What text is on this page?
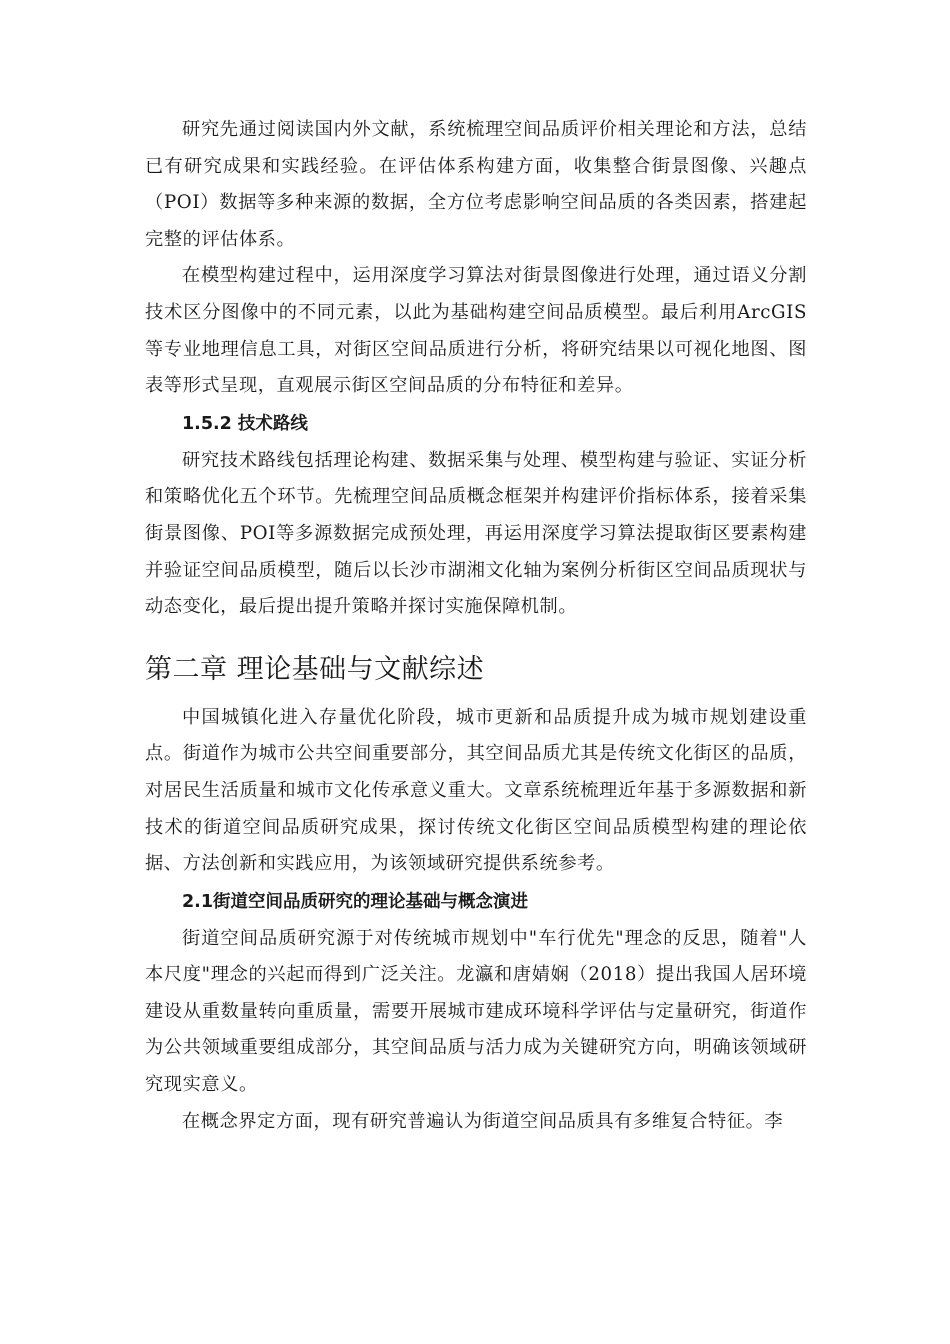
研究先通过阅读国内外文献，系统梳理空间品质评价相关理论和方法，总结已有研究成果和实践经验。在评估体系构建方面，收集整合街景图像、兴趣点（POI）数据等多种来源的数据，全方位考虑影响空间品质的各类因素，搭建起完整的评估体系。

在模型构建过程中，运用深度学习算法对街景图像进行处理，通过语义分割技术区分图像中的不同元素，以此为基础构建空间品质模型。最后利用ArcGIS等专业地理信息工具，对街区空间品质进行分析，将研究结果以可视化地图、图表等形式呈现，直观展示街区空间品质的分布特征和差异。

1.5.2 技术路线

研究技术路线包括理论构建、数据采集与处理、模型构建与验证、实证分析和策略优化五个环节。先梳理空间品质概念框架并构建评价指标体系，接着采集街景图像、POI等多源数据完成预处理，再运用深度学习算法提取街区要素构建并验证空间品质模型，随后以长沙市湖湘文化轴为案例分析街区空间品质现状与动态变化，最后提出提升策略并探讨实施保障机制。

第二章 理论基础与文献综述

中国城镇化进入存量优化阶段，城市更新和品质提升成为城市规划建设重点。街道作为城市公共空间重要部分，其空间品质尤其是传统文化街区的品质，对居民生活质量和城市文化传承意义重大。文章系统梳理近年基于多源数据和新技术的街道空间品质研究成果，探讨传统文化街区空间品质模型构建的理论依据、方法创新和实践应用，为该领域研究提供系统参考。

2.1街道空间品质研究的理论基础与概念演进

街道空间品质研究源于对传统城市规划中"车行优先"理念的反思，随着"人本尺度"理念的兴起而得到广泛关注。龙瀛和唐婧娴（2018）提出我国人居环境建设从重数量转向重质量，需要开展城市建成环境科学评估与定量研究，街道作为公共领域重要组成部分，其空间品质与活力成为关键研究方向，明确该领域研究现实意义。

在概念界定方面，现有研究普遍认为街道空间品质具有多维复合特征。李
